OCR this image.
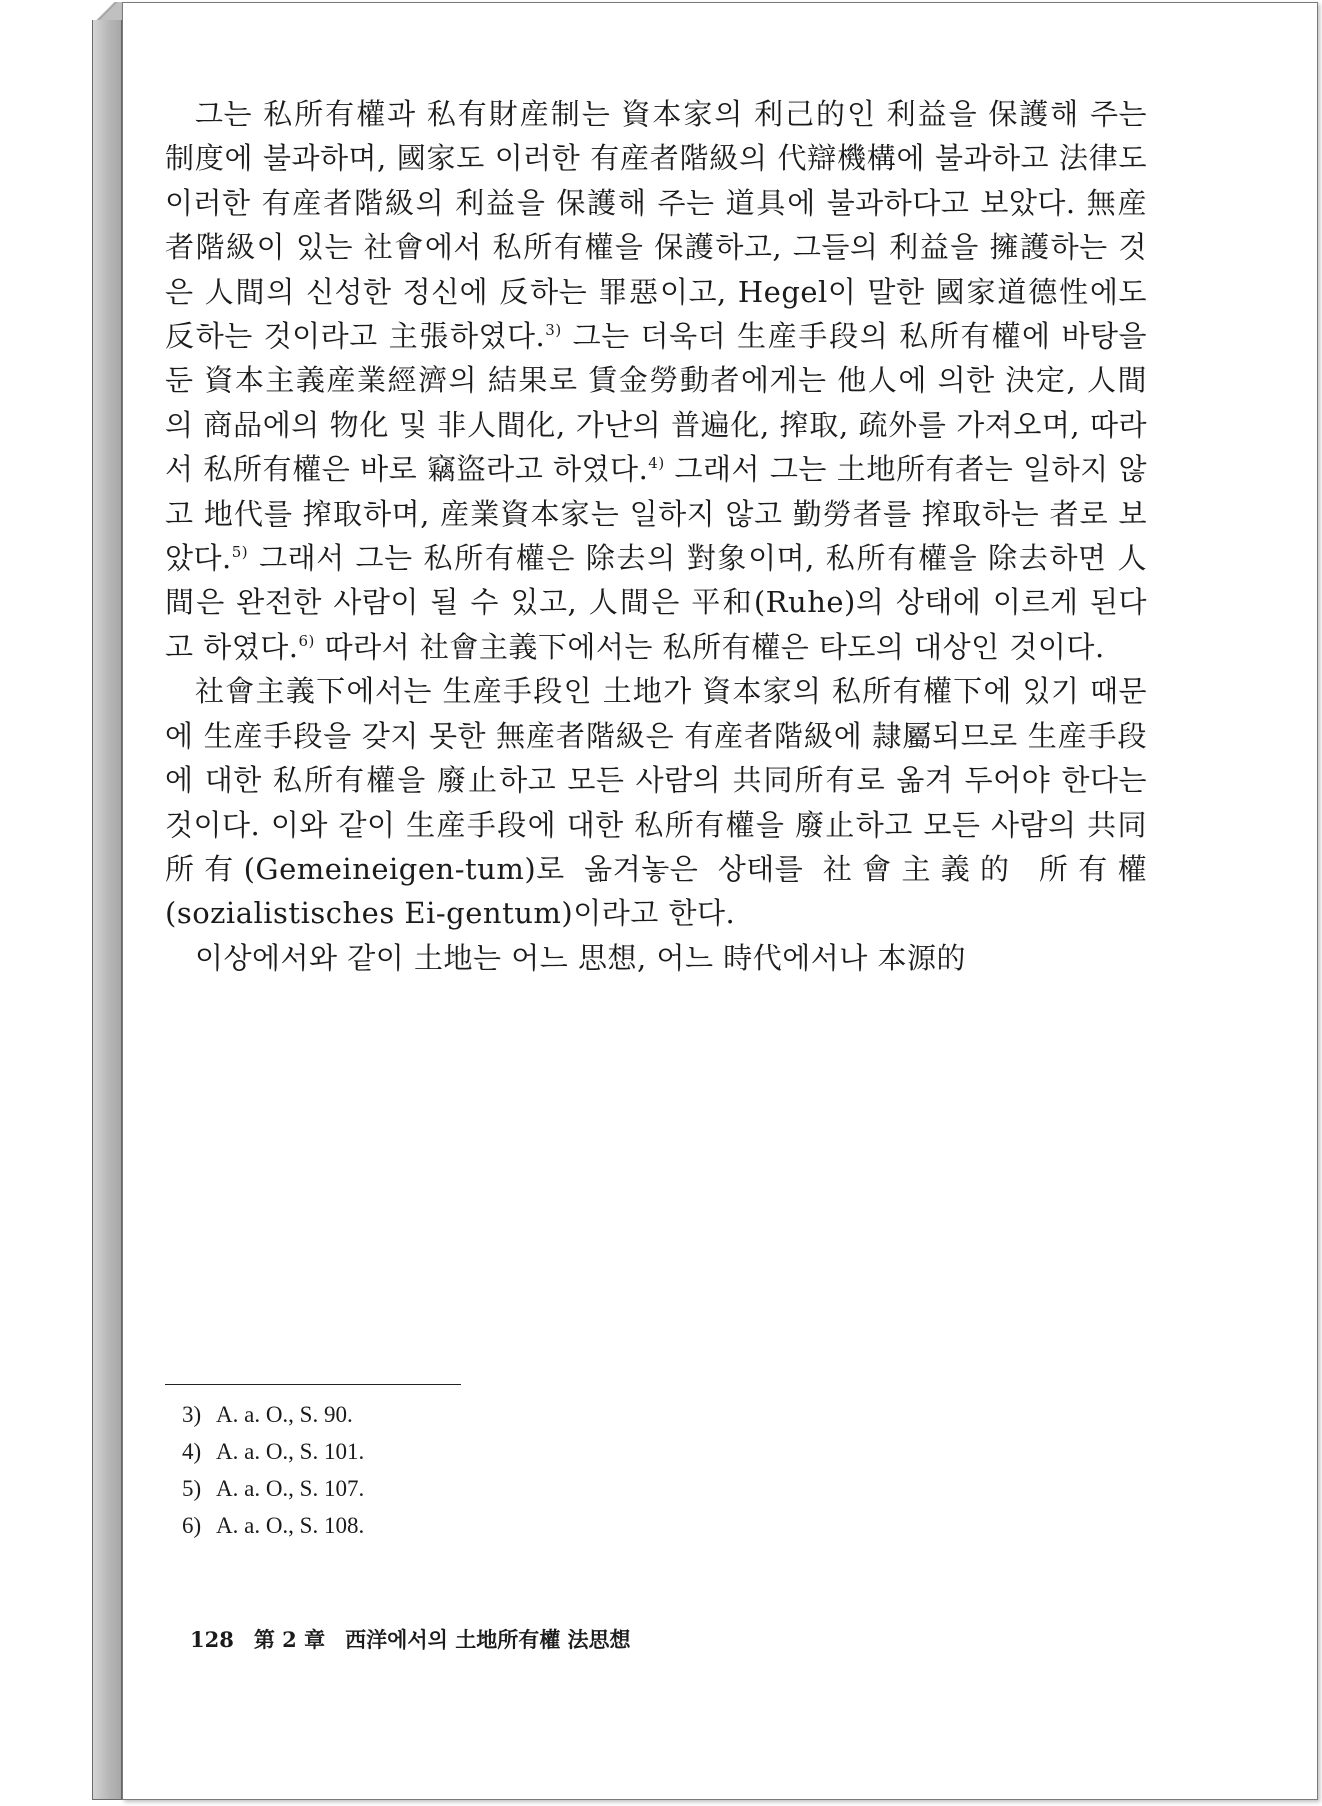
그는 私所有權과 私有財産制는 資本家의 利己的인 利益을 保護해 주는 制度에 불과하며, 國家도 이러한 有産者階級의 代辯機構에 불과하고 法律도 이러한 有産者階級의 利益을 保護해 주는 道具에 불과하다고 보았다. 無産者階級이 있는 社會에서 私所有權을 保護하고, 그들의 利益을 擁護하는 것은 人間의 신성한 정신에 反하는 罪惡이고, Hegel이 말한 國家道德性에도 反하는 것이라고 主張하였다.$^{3)}$ 그는 더욱더 生産手段의 私所有權에 바탕을 둔 資本主義産業經濟의 結果로 賃金勞動者에게는 他人에 의한 決定, 人間의 商品에의 物化 및 非人間化, 가난의 普遍化, 搾取, 疏外를 가져오며, 따라서 私所有權은 바로 竊盜라고 하였다.$^{4)}$ 그래서 그는 土地所有者는 일하지 않고 地代를 搾取하며, 産業資本家는 일하지 않고 勤勞者를 搾取하는 者로 보았다.$^{5)}$ 그래서 그는 私所有權은 除去의 對象이며, 私所有權을 除去하면 人間은 완전한 사람이 될 수 있고, 人間은 平和(Ruhe)의 상태에 이르게 된다고 하였다.$^{6)}$ 따라서 社會主義下에서는 私所有權은 타도의 대상인 것이다.

社會主義下에서는 生産手段인 土地가 資本家의 私所有權下에 있기 때문에 生産手段을 갖지 못한 無産者階級은 有産者階級에 隷屬되므로 生産手段에 대한 私所有權을 廢止하고 모든 사람의 共同所有로 옮겨 두어야 한다는 것이다. 이와 같이 生産手段에 대한 私所有權을 廢止하고 모든 사람의 共同所有(Gemeineigen-tum)로 옮겨놓은 상태를 社會主義的 所有權(sozialistisches Ei-gentum)이라고 한다.

이상에서와 같이 土地는 어느 思想, 어느 時代에서나 本源的

3) A. a. O., S. 90.
4) A. a. O., S. 101.
5) A. a. O., S. 107.
6) A. a. O., S. 108.
128 第 2 章 西洋에서의 土地所有權 法思想
